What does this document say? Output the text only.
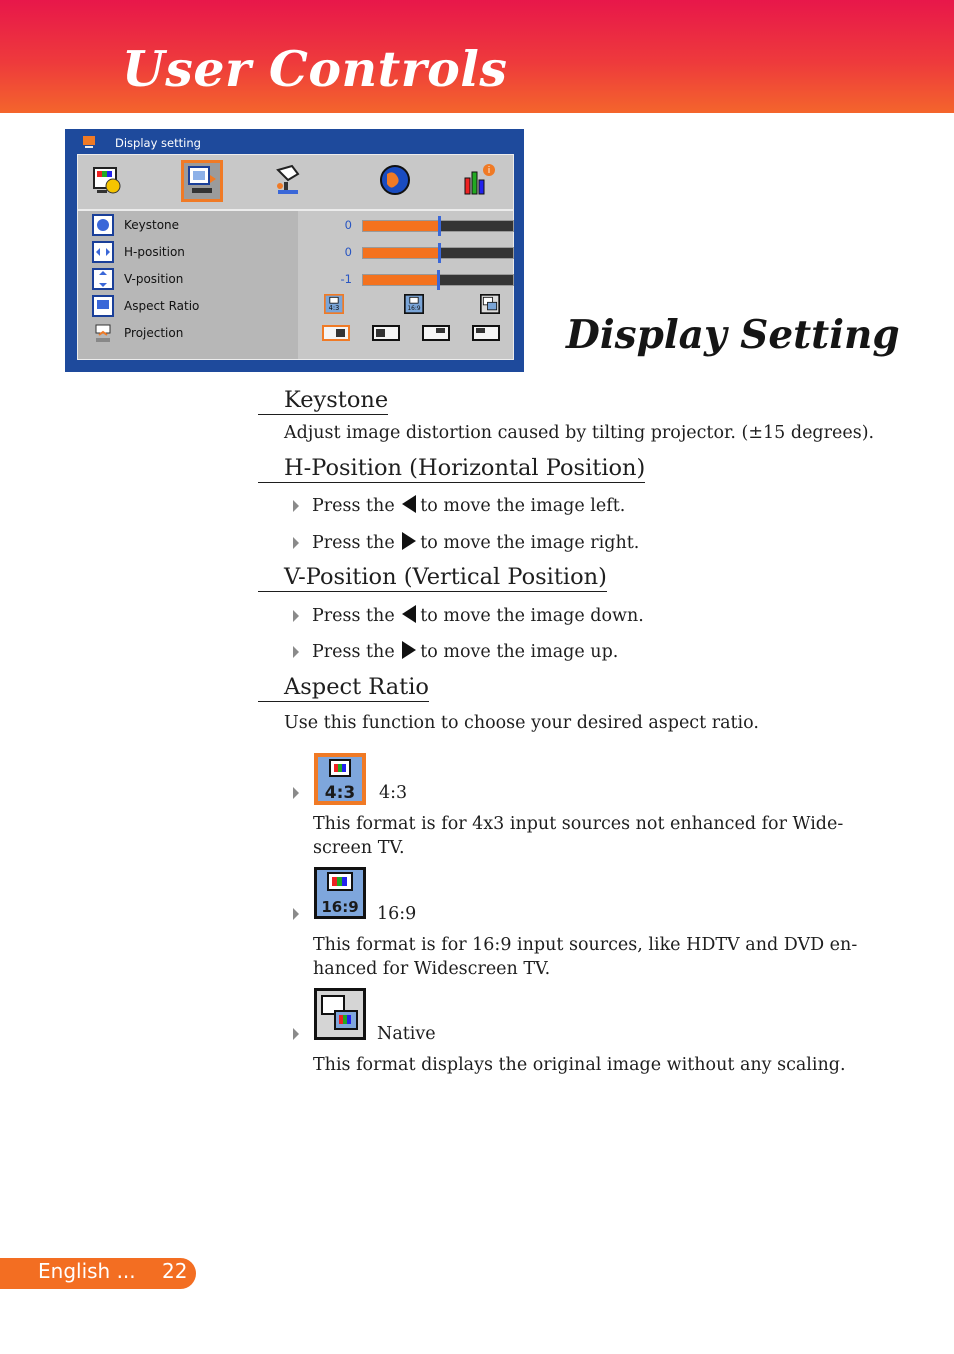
User Controls
Display setting
i
Keystone	0
H-position	0
V-position	-1
Aspect Ratio	4:3	16:9
Projection	Display Setting
Keystone
Adjust image distortion caused by tilting projector. (±15 degrees).
H-Position (Horizontal Position)
Press the to move the image left.
Press the to move the image right.
V-Position (Vertical Position)
Press the to move the image down.
Press the to move the image up.
Aspect Ratio
Use this function to choose your desired aspect ratio.
4:3 4:3
This format is for 4x3 input sources not enhanced for Wide-
screen TV.
16:9 16:9
This format is for 16:9 input sources, like HDTV and DVD en-
hanced for Widescreen TV.
Native
This format displays the original image without any scaling.
English ... 22
